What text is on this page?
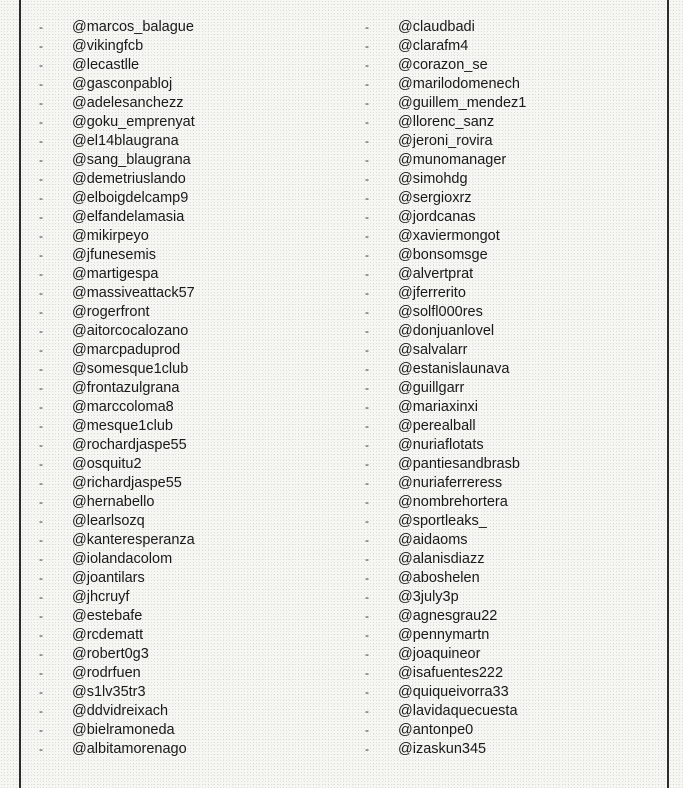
- @marcos_balague
- @vikingfcb
- @lecastlle
- @gasconpabloj
- @adelesanchezz
- @goku_emprenyat
- @el14blaugrana
- @sang_blaugrana
- @demetriuslando
- @elboigdelcamp9
- @elfandelamasia
- @mikirpeyo
- @jfunesemis
- @martigespa
- @massiveattack57
- @rogerfront
- @aitorcocalozano
- @marcpaduprod
- @somesque1club
- @frontazulgrana
- @marccoloma8
- @mesque1club
- @rochardjaspe55
- @osquitu2
- @richardjaspe55
- @hernabello
- @learlsozq
- @kanteresperanza
- @iolandacolom
- @joantilars
- @jhcruyf
- @estebafe
- @rcdematt
- @robert0g3
- @rodrfuen
- @s1lv35tr3
- @ddvidreixach
- @bielramoneda
- @albitamorenago
- @claudbadi
- @clarafm4
- @corazon_se
- @marilodomenech
- @guillem_mendez1
- @llorenc_sanz
- @jeroni_rovira
- @munomanager
- @simohdg
- @sergioxrz
- @jordcanas
- @xaviermongot
- @bonsomsge
- @alvertprat
- @jferrerito
- @solfl000res
- @donjuanlovel
- @salvalarr
- @estanislaunava
- @guillgarr
- @mariaxinxi
- @perealball
- @nuriaflotats
- @pantiesandbrasb
- @nuriaferreress
- @nombrehortera
- @sportleaks_
- @aidaoms
- @alanisdiazz
- @aboshelen
- @3july3p
- @agnesgrau22
- @pennymartn
- @joaquineor
- @isafuentes222
- @quiqueivorra33
- @lavidaquecuesta
- @antonpe0
- @izaskun345
